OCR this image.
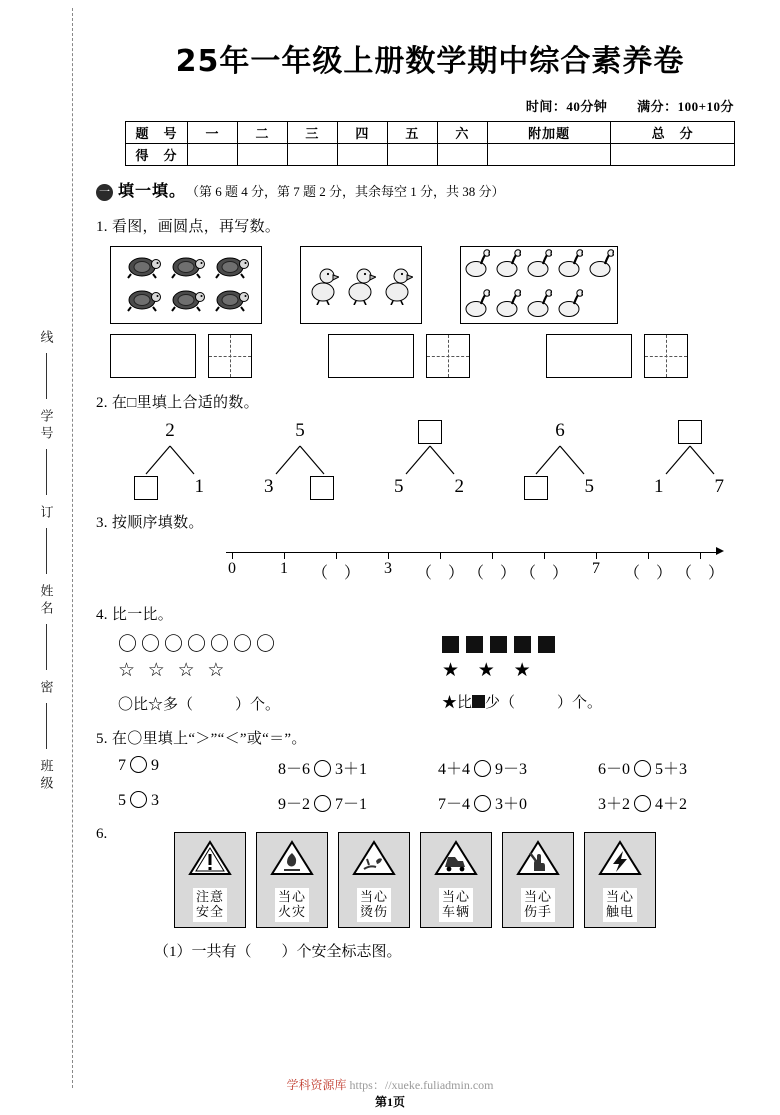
线
学号
订
姓名
密
班级
25年一年级上册数学期中综合素养卷
时间：40分钟 满分：100+10分
题　号	一	二	三	四	五	六	附加题	总　分
得　分								
一 填一填。 （第 6 题 4 分，第 7 题 2 分，其余每空 1 分，共 38 分）
1. 看图，画圆点，再写数。
2. 在□里填上合适的数。
2
1
5
3	5	2
6
5	1	7
3. 按顺序填数。
0	1 （　） 3 （　） （　） （　） 7 （　） （　）
4. 比一比。
〇〇〇〇〇〇〇
☆ ☆ ☆ ☆
〇比☆多（	）个。
★ ★ ★
★比 少（	）个。
5. 在〇里填上“＞”“＜”或“＝”。
7 9	8－6 3＋1	4＋4 9－3	6－0 5＋3
5 3	9－2 7－1	7－4 3＋0	3＋2 4＋2
6.
注意
安全
当心
火灾
当心
烫伤
当心
车辆
当心
伤手
当心
触电
（1）一共有（　　）个安全标志图。
学科资源库 https：//xueke.fuliadmin.com
第1页
